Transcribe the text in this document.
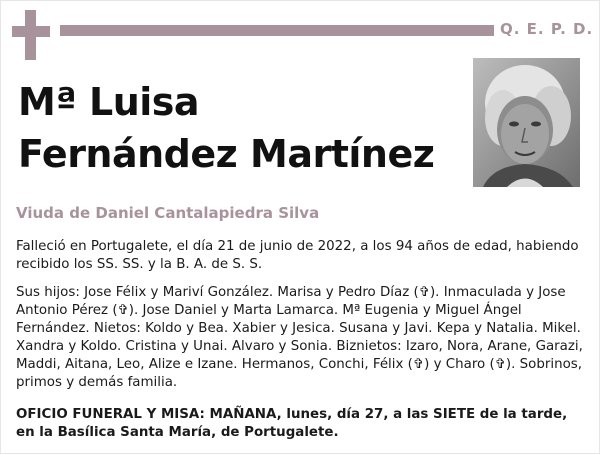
Q. E. P. D.
Mª Luisa
Fernández Martínez
Viuda de Daniel Cantalapiedra Silva
Falleció en Portugalete, el día 21 de junio de 2022, a los 94 años de edad, habiendo recibido los SS. SS. y la B. A. de S. S.
Sus hijos: Jose Félix y Mariví González. Marisa y Pedro Díaz (✞). Inmaculada y Jose Antonio Pérez (✞). Jose Daniel y Marta Lamarca. Mª Eugenia y Miguel Ángel Fernández. Nietos: Koldo y Bea. Xabier y Jesica. Susana y Javi. Kepa y Natalia. Mikel. Xandra y Koldo. Cristina y Unai. Alvaro y Sonia. Biznietos: Izaro, Nora, Arane, Garazi, Maddi, Aitana, Leo, Alize e Izane. Hermanos, Conchi, Félix (✞) y Charo (✞). Sobrinos, primos y demás familia.
OFICIO FUNERAL Y MISA: MAÑANA, lunes, día 27, a las SIETE de la tarde, en la Basílica Santa María, de Portugalete.
